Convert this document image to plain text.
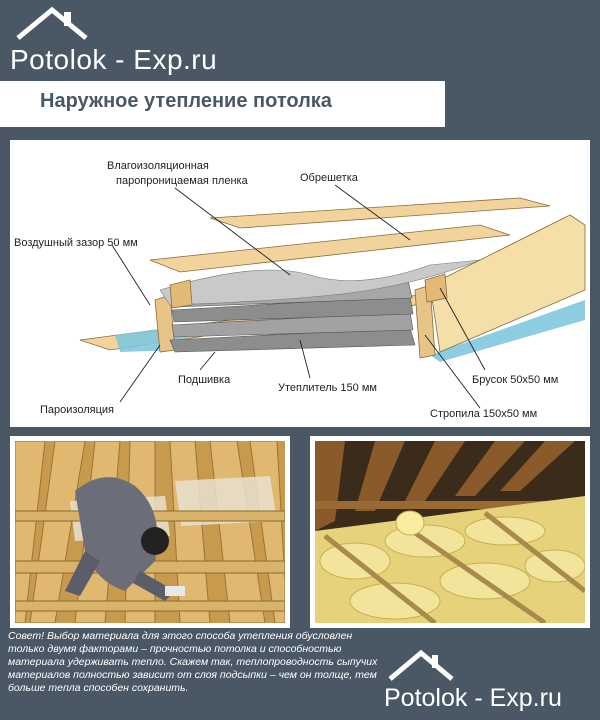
Potolok - Exp.ru
Наружное утепление потолка
Влагоизоляционная
паропроницаемая пленка	Обрешетка
Воздушный зазор 50 мм
Подшивка
Утеплитель 150 мм
Брусок 50x50 мм
Пароизоляция	Стропила 150x50 мм
Совет! Выбор материала для этого способа утепления обусловлен только двумя факторами – прочностью потолка и способностью материала удерживать тепло. Скажем так, теплопроводность сыпучих материалов полностью зависит от слоя подсыпки – чем он толще, тем больше тепла способен сохранить.	Potolok - Exp.ru
